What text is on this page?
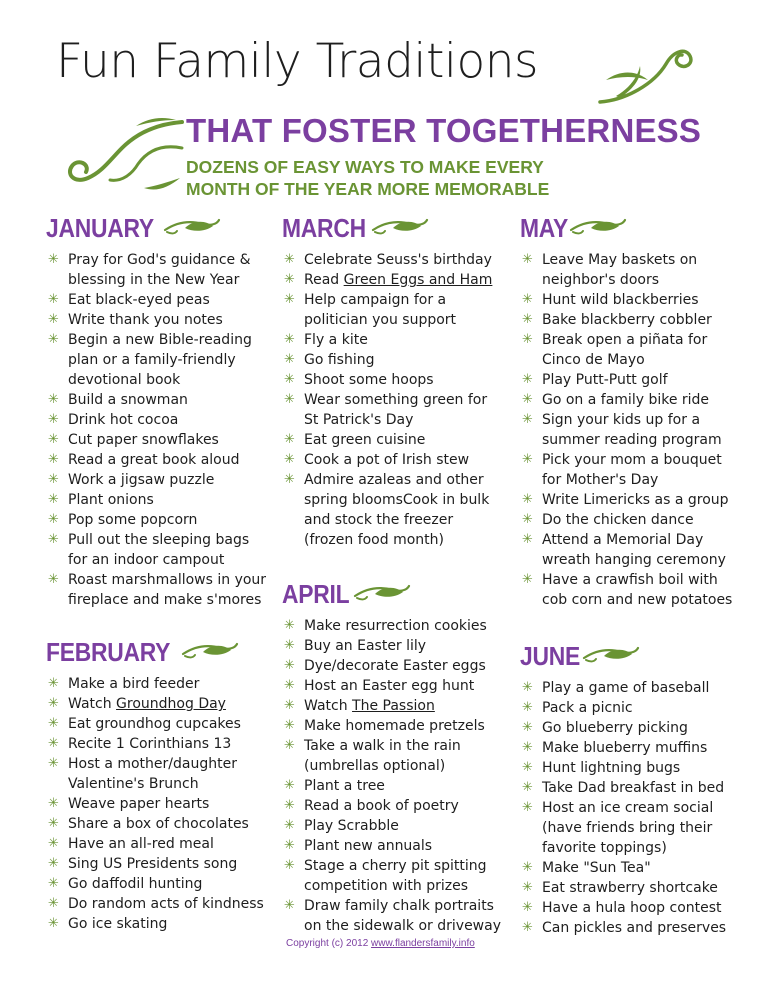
Fun Family Traditions
THAT FOSTER TOGETHERNESS
DOZENS OF EASY WAYS TO MAKE EVERY
MONTH OF THE YEAR MORE MEMORABLE
JANUARY
✳ Pray for God's guidance &
blessing in the New Year
✳ Eat black-eyed peas
✳ Write thank you notes
✳ Begin a new Bible-reading
plan or a family-friendly
devotional book
✳ Build a snowman
✳ Drink hot cocoa
✳ Cut paper snowflakes
✳ Read a great book aloud
✳ Work a jigsaw puzzle
✳ Plant onions
✳ Pop some popcorn
✳ Pull out the sleeping bags
for an indoor campout
✳ Roast marshmallows in your
fireplace and make s'mores
FEBRUARY
✳ Make a bird feeder
✳ Watch Groundhog Day
✳ Eat groundhog cupcakes
✳ Recite 1 Corinthians 13
✳ Host a mother/daughter
Valentine's Brunch
✳ Weave paper hearts
✳ Share a box of chocolates
✳ Have an all-red meal
✳ Sing US Presidents song
✳ Go daffodil hunting
✳ Do random acts of kindness
✳ Go ice skating
MARCH
✳ Celebrate Seuss's birthday
✳ Read Green Eggs and Ham
✳ Help campaign for a
politician you support
✳ Fly a kite
✳ Go fishing
✳ Shoot some hoops
✳ Wear something green for
St Patrick's Day
✳ Eat green cuisine
✳ Cook a pot of Irish stew
✳ Admire azaleas and other
spring bloomsCook in bulk
and stock the freezer
(frozen food month)
APRIL
✳ Make resurrection cookies
✳ Buy an Easter lily
✳ Dye/decorate Easter eggs
✳ Host an Easter egg hunt
✳ Watch The Passion
✳ Make homemade pretzels
✳ Take a walk in the rain
(umbrellas optional)
✳ Plant a tree
✳ Read a book of poetry
✳ Play Scrabble
✳ Plant new annuals
✳ Stage a cherry pit spitting
competition with prizes
✳ Draw family chalk portraits
on the sidewalk or driveway
MAY
✳ Leave May baskets on
neighbor's doors
✳ Hunt wild blackberries
✳ Bake blackberry cobbler
✳ Break open a piñata for
Cinco de Mayo
✳ Play Putt-Putt golf
✳ Go on a family bike ride
✳ Sign your kids up for a
summer reading program
✳ Pick your mom a bouquet
for Mother's Day
✳ Write Limericks as a group
✳ Do the chicken dance
✳ Attend a Memorial Day
wreath hanging ceremony
✳ Have a crawfish boil with
cob corn and new potatoes
JUNE
✳ Play a game of baseball
✳ Pack a picnic
✳ Go blueberry picking
✳ Make blueberry muffins
✳ Hunt lightning bugs
✳ Take Dad breakfast in bed
✳ Host an ice cream social
(have friends bring their
favorite toppings)
✳ Make "Sun Tea"
✳ Eat strawberry shortcake
✳ Have a hula hoop contest
✳ Can pickles and preserves
Copyright (c) 2012 www.flandersfamily.info
